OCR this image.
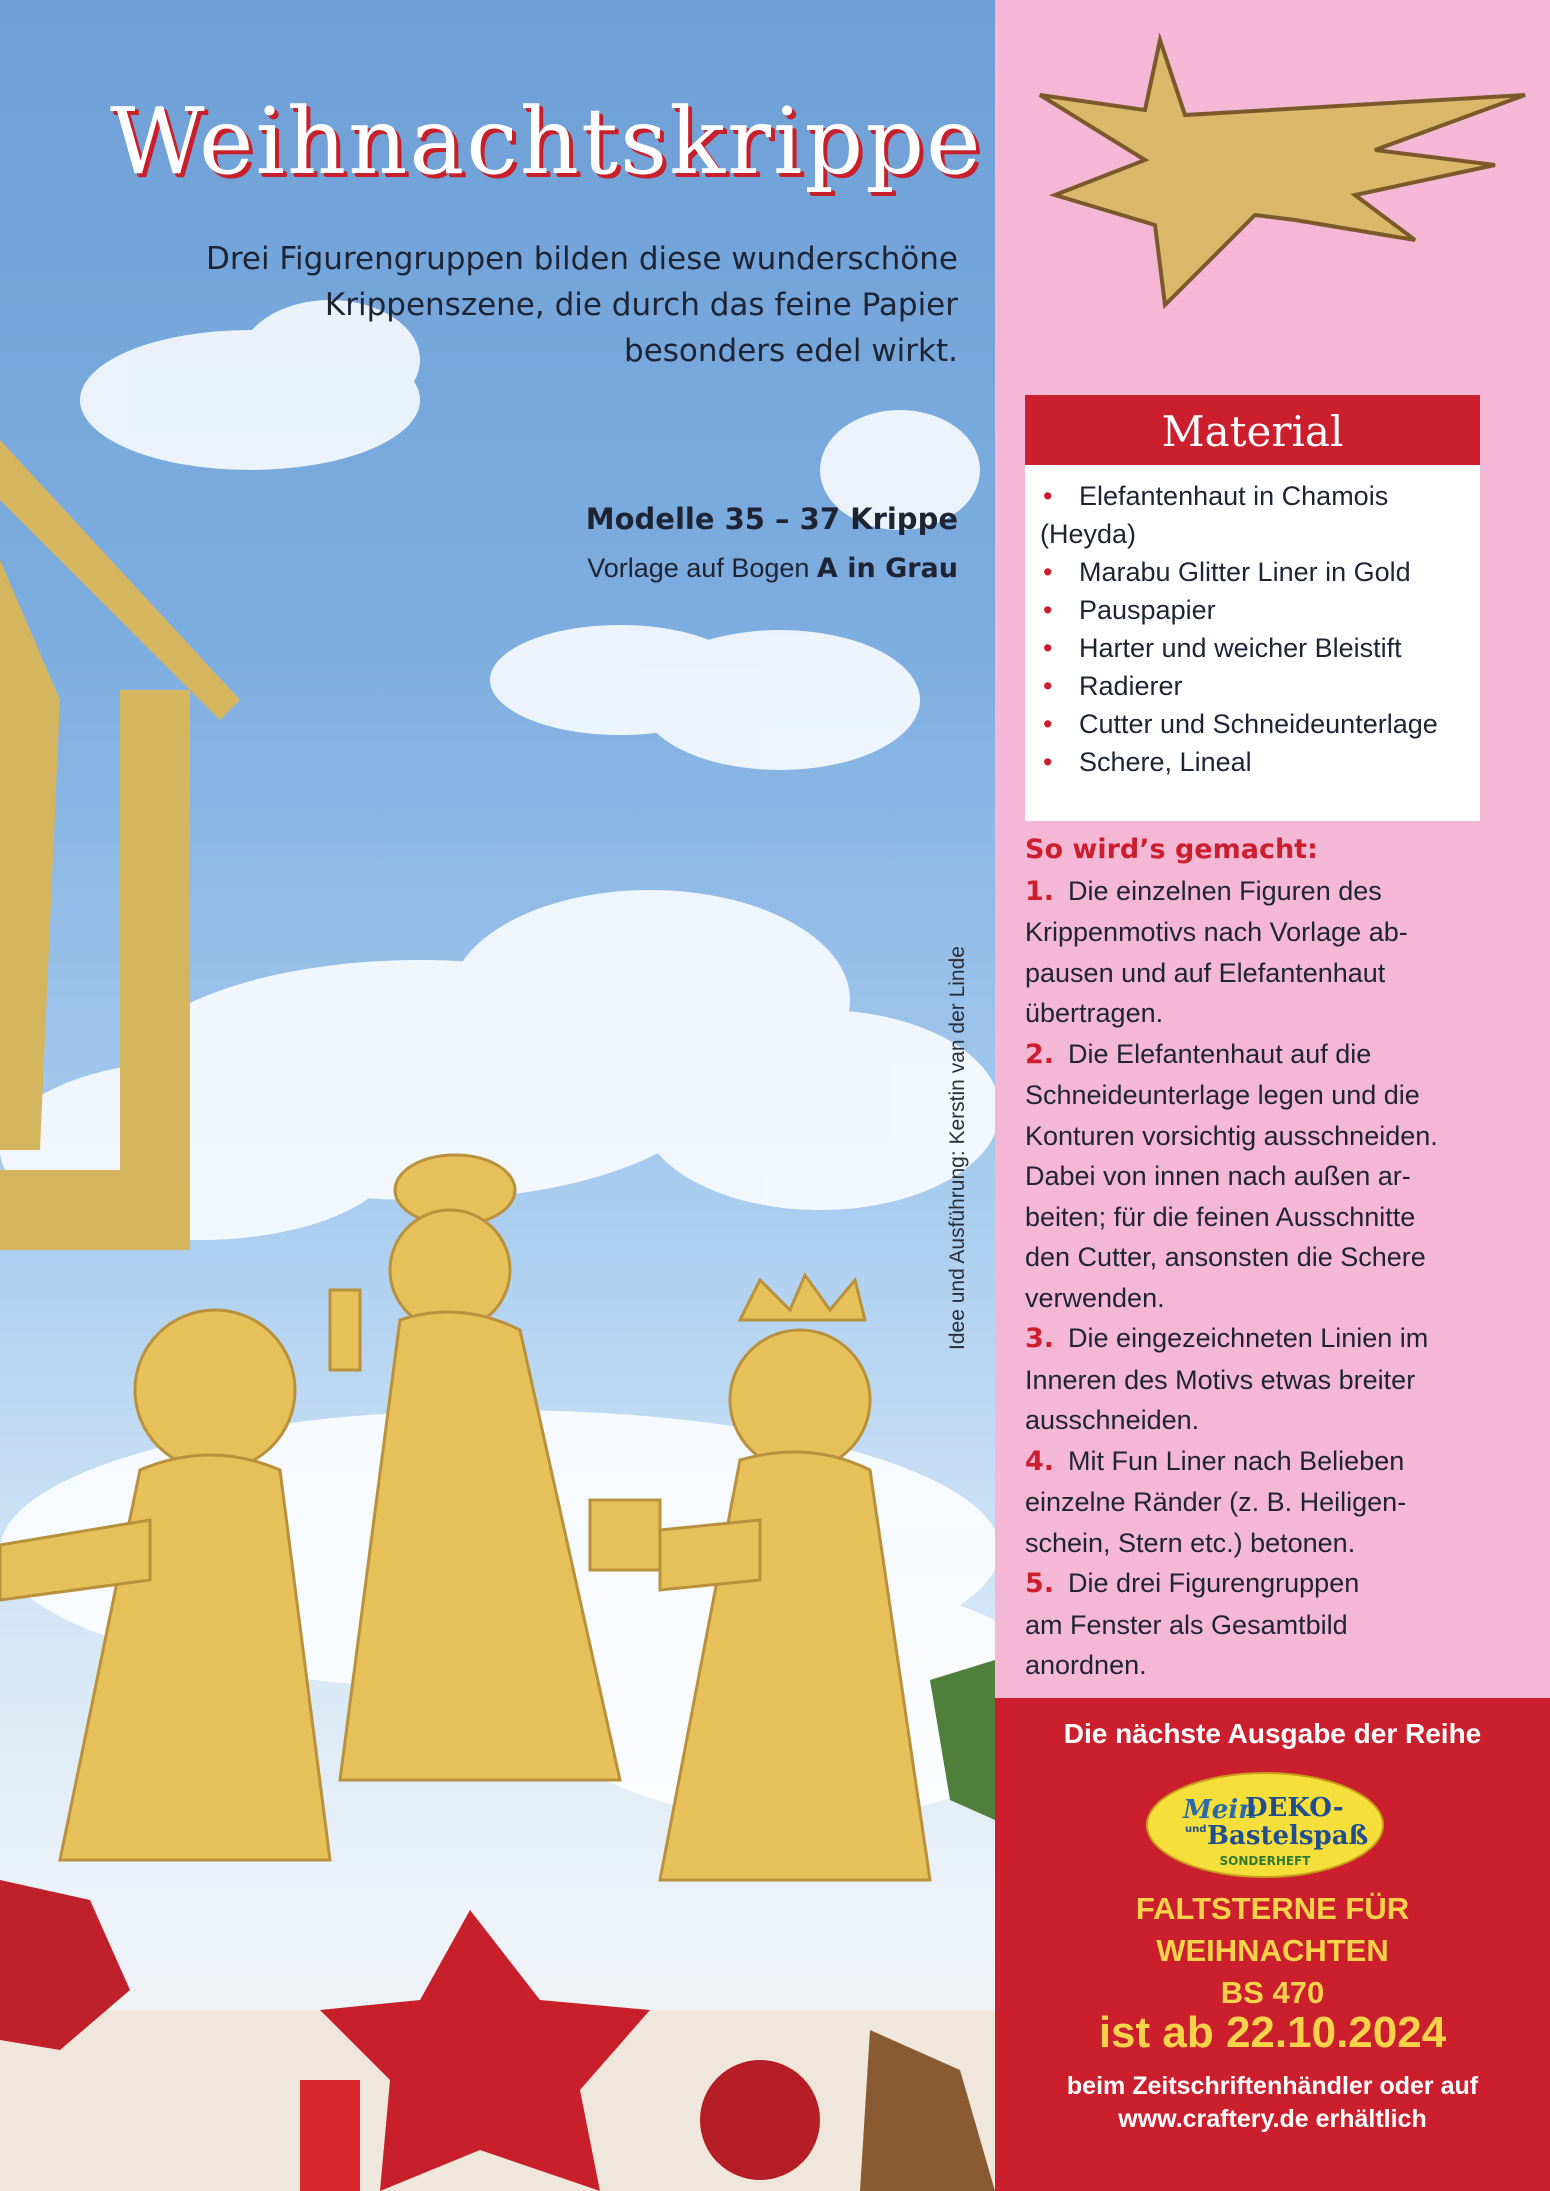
Weihnachtskrippe
Drei Figurengruppen bilden diese wunderschöne
Krippenszene, die durch das feine Papier
besonders edel wirkt.
Modelle 35 – 37 Krippe
Vorlage auf Bogen A in Grau
Idee und Ausführung: Kerstin van der Linde
Material
• Elefantenhaut in Chamois (Heyda)
• Marabu Glitter Liner in Gold
• Pauspapier
• Harter und weicher Bleistift
• Radierer
• Cutter und Schneideunterlage
• Schere, Lineal
So wird’s gemacht:
1. Die einzelnen Figuren des
Krippenmotivs nach Vorlage ab-
pausen und auf Elefantenhaut
übertragen.
2. Die Elefantenhaut auf die
Schneideunterlage legen und die
Konturen vorsichtig ausschneiden.
Dabei von innen nach außen ar-
beiten; für die feinen Ausschnitte
den Cutter, ansonsten die Schere
verwenden.
3. Die eingezeichneten Linien im
Inneren des Motivs etwas breiter
ausschneiden.
4. Mit Fun Liner nach Belieben
einzelne Ränder (z. B. Heiligen-
schein, Stern etc.) betonen.
5. Die drei Figurengruppen
am Fenster als Gesamtbild
anordnen.
Die nächste Ausgabe der Reihe
Mein
DEKO-
und Bastelspaß
SONDERHEFT
FALTSTERNE FÜR
WEIHNACHTEN
BS 470
ist ab 22.10.2024
beim Zeitschriftenhändler oder auf
www.craftery.de erhältlich
